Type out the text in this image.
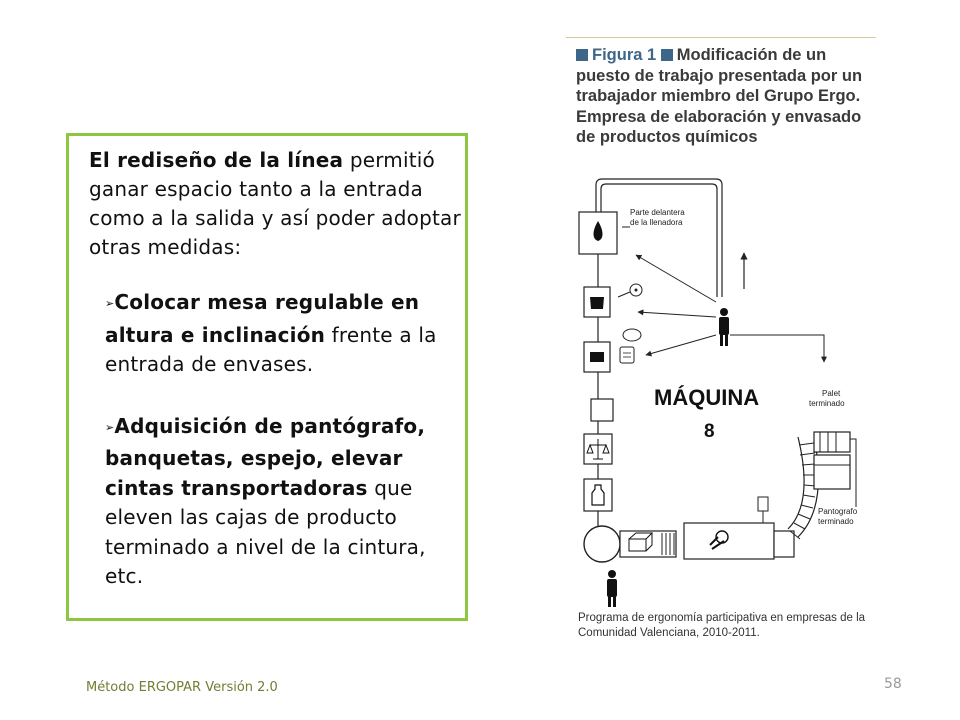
El rediseño de la línea permitió ganar espacio tanto a la entrada como a la salida y así poder adoptar otras medidas:
➢Colocar mesa regulable en altura e inclinación frente a la entrada de envases.
➢Adquisición de pantógrafo, banquetas, espejo, elevar cintas transportadoras que eleven las cajas de producto terminado a nivel de la cintura, etc.
Figura 1 Modificación de un puesto de trabajo presentada por un trabajador miembro del Grupo Ergo. Empresa de elaboración y envasado de productos químicos
Parte delantera
de la llenadora
MÁQUINA
8
Palet
terminado
Pantografo
terminado
Programa de ergonomía participativa en empresas de la Comunidad Valenciana, 2010-2011.
Método ERGOPAR Versión 2.0	58
